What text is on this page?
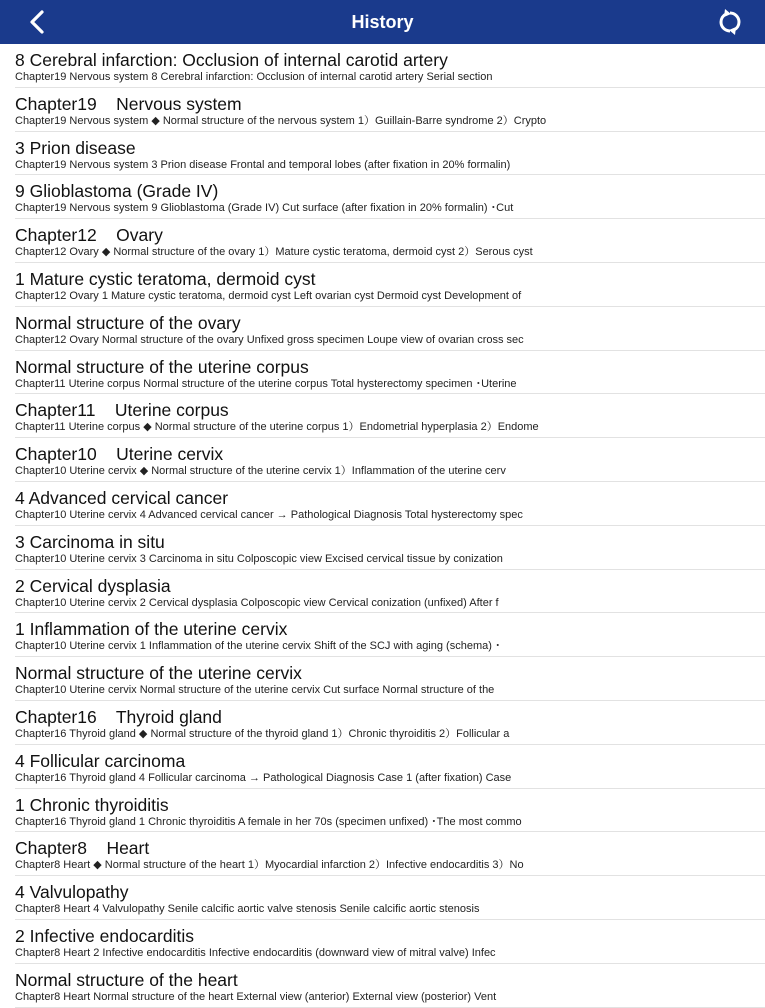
History
8 Cerebral infarction: Occlusion of internal carotid artery
Chapter19 Nervous system 8 Cerebral infarction: Occlusion of internal carotid artery Serial section
Chapter19    Nervous system
Chapter19 Nervous system ◆ Normal structure of the nervous system 1）Guillain-Barre syndrome 2）Crypto
3 Prion disease
Chapter19 Nervous system 3 Prion disease Frontal and temporal lobes (after fixation in 20% formalin)
9 Glioblastoma (Grade IV)
Chapter19 Nervous system 9 Glioblastoma (Grade IV) Cut surface (after fixation in 20% formalin) ･Cut
Chapter12    Ovary
Chapter12 Ovary ◆ Normal structure of the ovary 1）Mature cystic teratoma, dermoid cyst 2）Serous cyst
1 Mature cystic teratoma, dermoid cyst
Chapter12 Ovary 1 Mature cystic teratoma, dermoid cyst Left ovarian cyst Dermoid cyst Development of
Normal structure of the ovary
Chapter12 Ovary Normal structure of the ovary Unfixed gross specimen Loupe view of ovarian cross sec
Normal structure of the uterine corpus
Chapter11 Uterine corpus Normal structure of the uterine corpus Total hysterectomy specimen ･Uterine
Chapter11    Uterine corpus
Chapter11 Uterine corpus ◆ Normal structure of the uterine corpus 1）Endometrial hyperplasia 2）Endome
Chapter10    Uterine cervix
Chapter10 Uterine cervix ◆ Normal structure of the uterine cervix 1）Inflammation of the uterine cerv
4 Advanced cervical cancer
Chapter10 Uterine cervix 4 Advanced cervical cancer → Pathological Diagnosis Total hysterectomy spec
3 Carcinoma in situ
Chapter10 Uterine cervix 3 Carcinoma in situ Colposcopic view Excised cervical tissue by conization
2 Cervical dysplasia
Chapter10 Uterine cervix 2 Cervical dysplasia Colposcopic view Cervical conization (unfixed) After f
1 Inflammation of the uterine cervix
Chapter10 Uterine cervix 1 Inflammation of the uterine cervix Shift of the SCJ with aging (schema) ･
Normal structure of the uterine cervix
Chapter10 Uterine cervix Normal structure of the uterine cervix Cut surface Normal structure of the
Chapter16    Thyroid gland
Chapter16 Thyroid gland ◆ Normal structure of the thyroid gland 1）Chronic thyroiditis 2）Follicular a
4 Follicular carcinoma
Chapter16 Thyroid gland 4 Follicular carcinoma → Pathological Diagnosis Case 1 (after fixation) Case
1 Chronic thyroiditis
Chapter16 Thyroid gland 1 Chronic thyroiditis A female in her 70s (specimen unfixed) ･The most commo
Chapter8    Heart
Chapter8 Heart ◆ Normal structure of the heart 1）Myocardial infarction 2）Infective endocarditis 3）No
4 Valvulopathy
Chapter8 Heart 4 Valvulopathy Senile calcific aortic valve stenosis Senile calcific aortic stenosis
2 Infective endocarditis
Chapter8 Heart 2 Infective endocarditis Infective endocarditis (downward view of mitral valve) Infec
Normal structure of the heart
Chapter8 Heart Normal structure of the heart External view (anterior) External view (posterior) Vent
